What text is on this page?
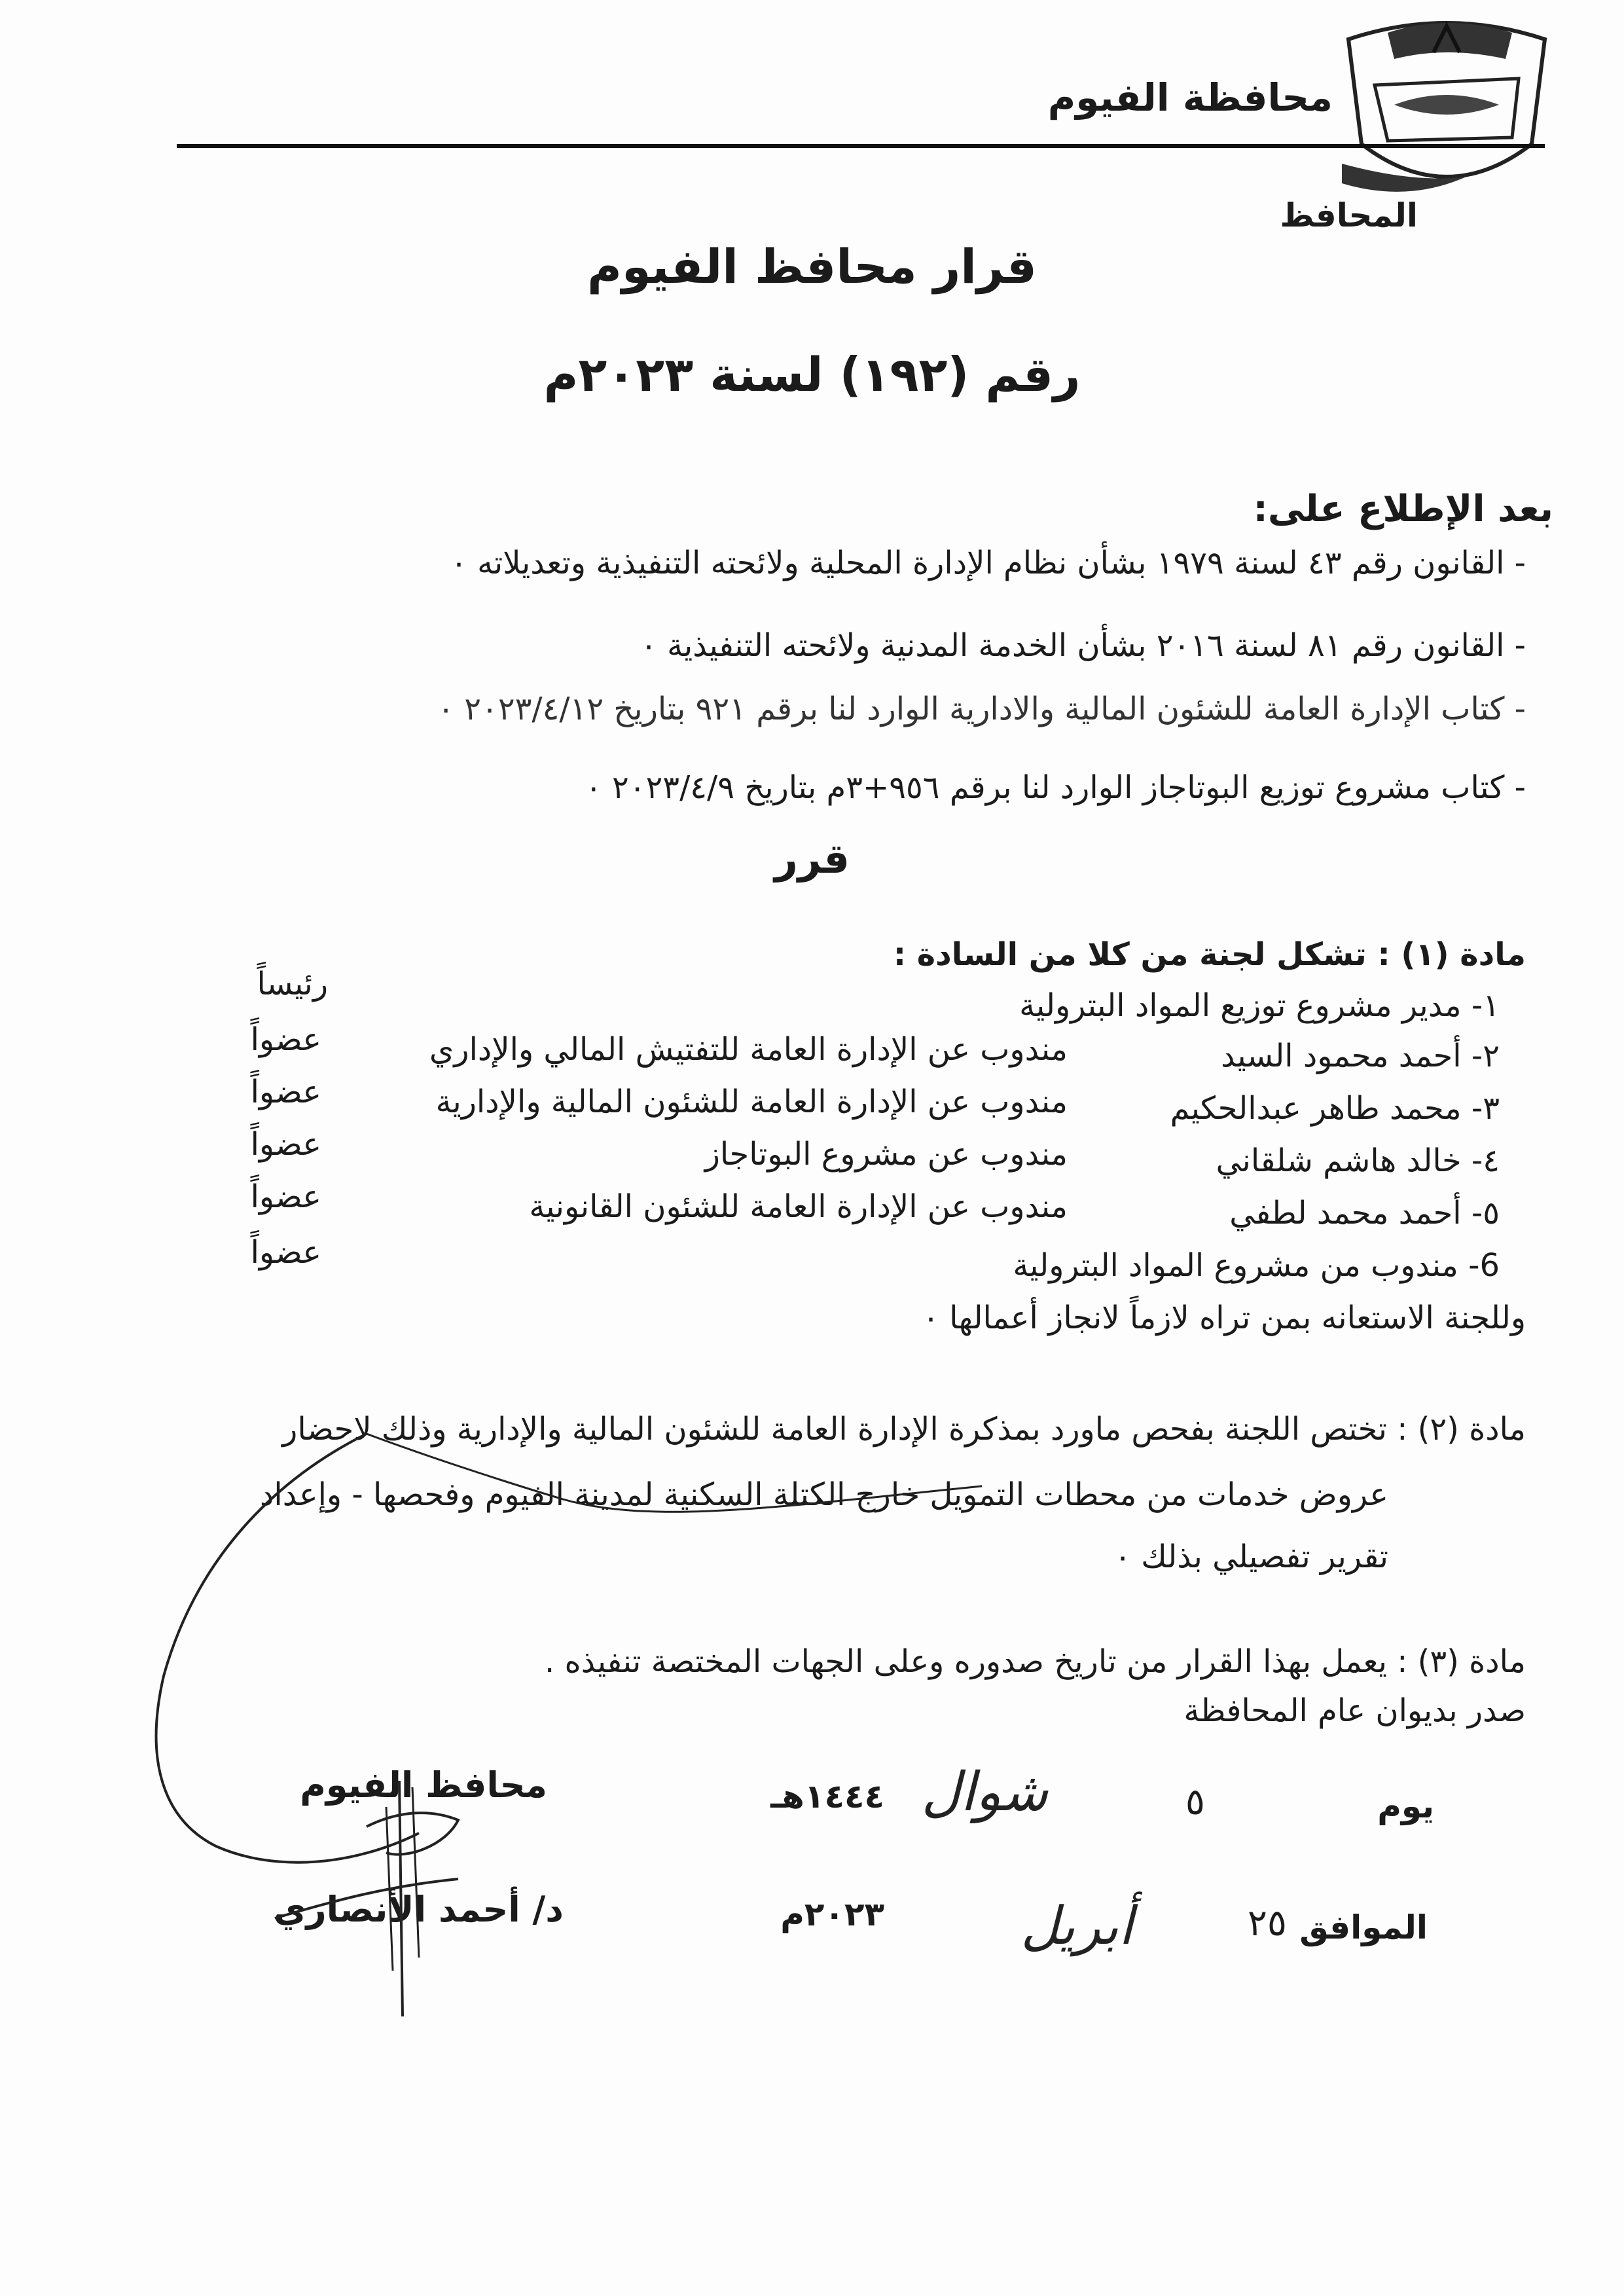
محافظة الفيوم
المحافظ
قرار محافظ الفيوم
رقم (١٩٢) لسنة ٢٠٢٣م
بعد الإطلاع على:
- القانون رقم ٤٣ لسنة ١٩٧٩ بشأن نظام الإدارة المحلية ولائحته التنفيذية وتعديلاته ٠
- القانون رقم ٨١ لسنة ٢٠١٦ بشأن الخدمة المدنية ولائحته التنفيذية ٠
- كتاب الإدارة العامة للشئون المالية والادارية الوارد لنا برقم ٩٢١ بتاريخ ٢٠٢٣/٤/١٢ ٠
- كتاب مشروع توزيع البوتاجاز الوارد لنا برقم ٩٥٦+٣م بتاريخ ٢٠٢٣/٤/٩ ٠
قرر
مادة (١) : تشكل لجنة من كلا من السادة :
١- مدير مشروع توزيع المواد البترولية
٢- أحمد محمود السيد
٣- محمد طاهر عبدالحكيم
٤- خالد هاشم شلقاني
٥- أحمد محمد لطفي
6- مندوب من مشروع المواد البترولية
مندوب عن الإدارة العامة للتفتيش المالي والإداري
مندوب عن الإدارة العامة للشئون المالية والإدارية
مندوب عن مشروع البوتاجاز
مندوب عن الإدارة العامة للشئون القانونية
رئيساً
عضواً
عضواً
عضواً
عضواً
عضواً
وللجنة الاستعانه بمن تراه لازماً لانجاز أعمالها ٠
مادة (٢) : تختص اللجنة بفحص ماورد بمذكرة الإدارة العامة للشئون المالية والإدارية وذلك لاحضار
عروض خدمات من محطات التمويل خارج الكتلة السكنية لمدينة الفيوم وفحصها - وإعداد
تقرير تفصيلي بذلك ٠
مادة (٣) : يعمل بهذا القرار من تاريخ صدوره وعلى الجهات المختصة تنفيذه .
صدر بديوان عام المحافظة
محافظ الفيوم
د/ أحمد الأنصاري
يوم
٥
شوال
١٤٤٤هـ
الموافق
٢٥
أبريل
٢٠٢٣م
